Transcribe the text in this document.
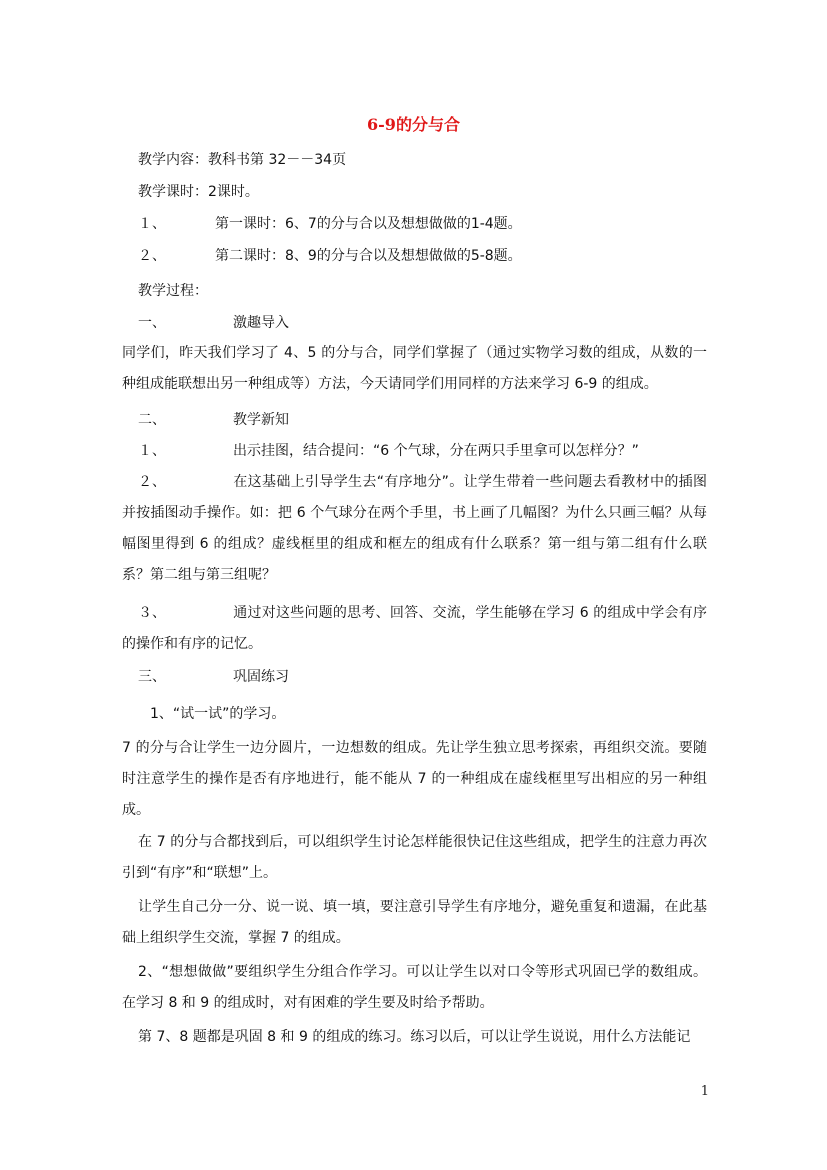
6-9的分与合

教学内容：教科书第 32－－34页

教学课时：2课时。

１、	第一课时：6、7的分与合以及想想做做的1-4题。

２、	第二课时：8、9的分与合以及想想做做的5-8题。

教学过程：

一、	激趣导入

同学们，昨天我们学习了 4、5 的分与合，同学们掌握了（通过实物学习数的组成，从数的一种组成能联想出另一种组成等）方法，今天请同学们用同样的方法来学习 6-9 的组成。

二、	教学新知

１、	出示挂图，结合提问：“6 个气球，分在两只手里拿可以怎样分？”

２、	在这基础上引导学生去“有序地分”。让学生带着一些问题去看教材中的插图并按插图动手操作。如：把 6 个气球分在两个手里，书上画了几幅图？为什么只画三幅？从每幅图里得到 6 的组成？虚线框里的组成和框左的组成有什么联系？第一组与第二组有什么联系？第二组与第三组呢？
３、	通过对这些问题的思考、回答、交流，学生能够在学习 6 的组成中学会有序的操作和有序的记忆。

三、	巩固练习

1、“试一试”的学习。

7 的分与合让学生一边分圆片，一边想数的组成。先让学生独立思考探索，再组织交流。要随时注意学生的操作是否有序地进行，能不能从 7 的一种组成在虚线框里写出相应的另一种组成。

在 7 的分与合都找到后，可以组织学生讨论怎样能很快记住这些组成，把学生的注意力再次引到“有序”和“联想”上。

让学生自己分一分、说一说、填一填，要注意引导学生有序地分，避免重复和遗漏，在此基础上组织学生交流，掌握 7 的组成。

2、“想想做做”要组织学生分组合作学习。可以让学生以对口令等形式巩固已学的数组成。在学习 8 和 9 的组成时，对有困难的学生要及时给予帮助。

第 7、8 题都是巩固 8 和 9 的组成的练习。练习以后，可以让学生说说，用什么方法能记

1
